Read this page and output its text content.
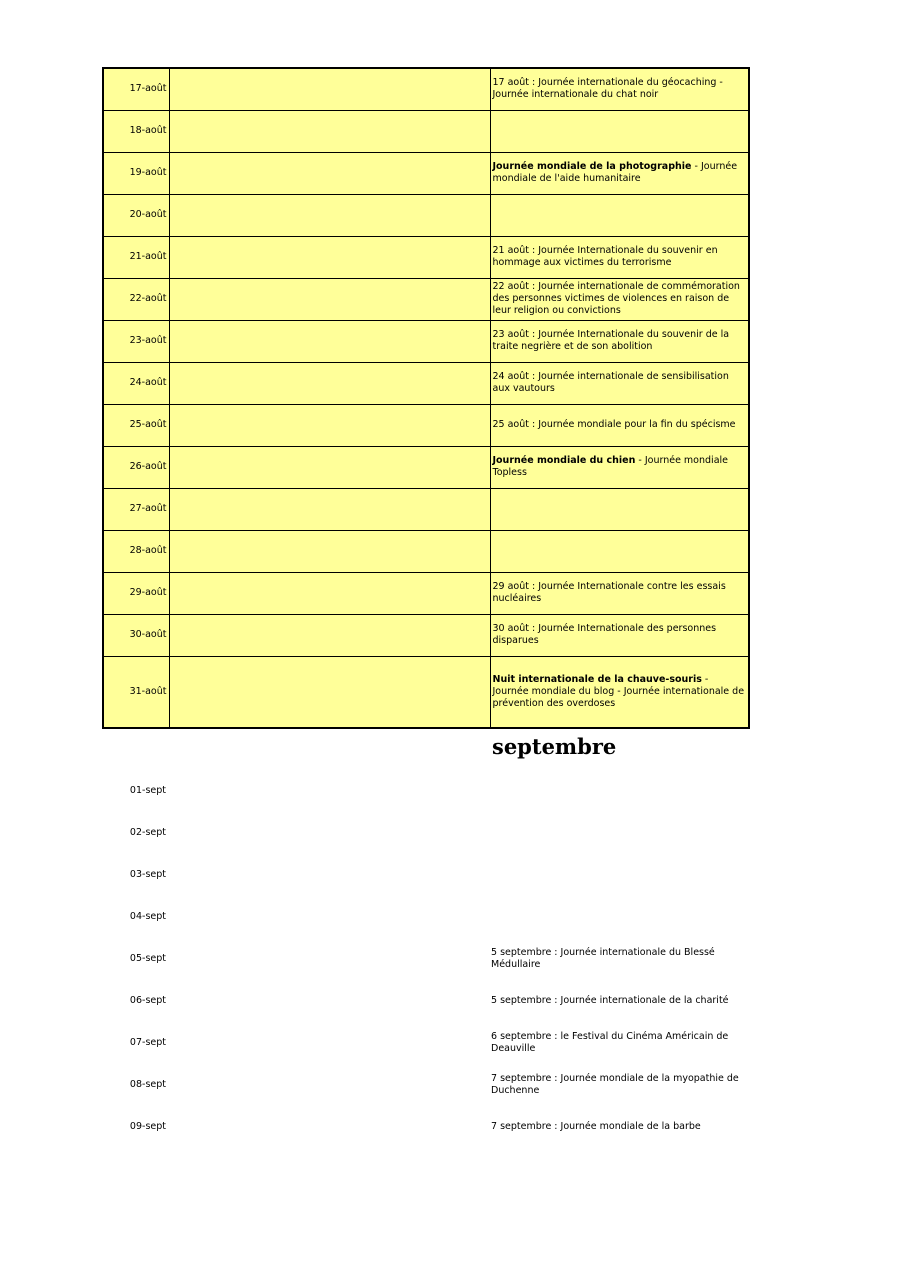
17-août		17 août : Journée internationale du géocaching - Journée internationale du chat noir
18-août		
19-août		Journée mondiale de la photographie - Journée mondiale de l'aide humanitaire
20-août		
21-août		21 août : Journée Internationale du souvenir en hommage aux victimes du terrorisme
22-août		22 août : Journée internationale de commémoration des personnes victimes de violences en raison de leur religion ou convictions
23-août		23 août : Journée Internationale du souvenir de la traite negrière et de son abolition
24-août		24 août : Journée internationale de sensibilisation aux vautours
25-août		25 août : Journée mondiale pour la fin du spécisme
26-août		Journée mondiale du chien - Journée mondiale Topless
27-août		
28-août		
29-août		29 août : Journée Internationale contre les essais nucléaires
30-août		30 août : Journée Internationale des personnes disparues
31-août		Nuit internationale de la chauve-souris - Journée mondiale du blog - Journée internationale de prévention des overdoses
septembre
01-sept		
02-sept		
03-sept		
04-sept		
05-sept		5 septembre : Journée internationale du Blessé Médullaire
06-sept		5 septembre : Journée internationale de la charité
07-sept		6 septembre : le Festival du Cinéma Américain de Deauville
08-sept		7 septembre : Journée mondiale de la myopathie de Duchenne
09-sept		7 septembre : Journée mondiale de la barbe
